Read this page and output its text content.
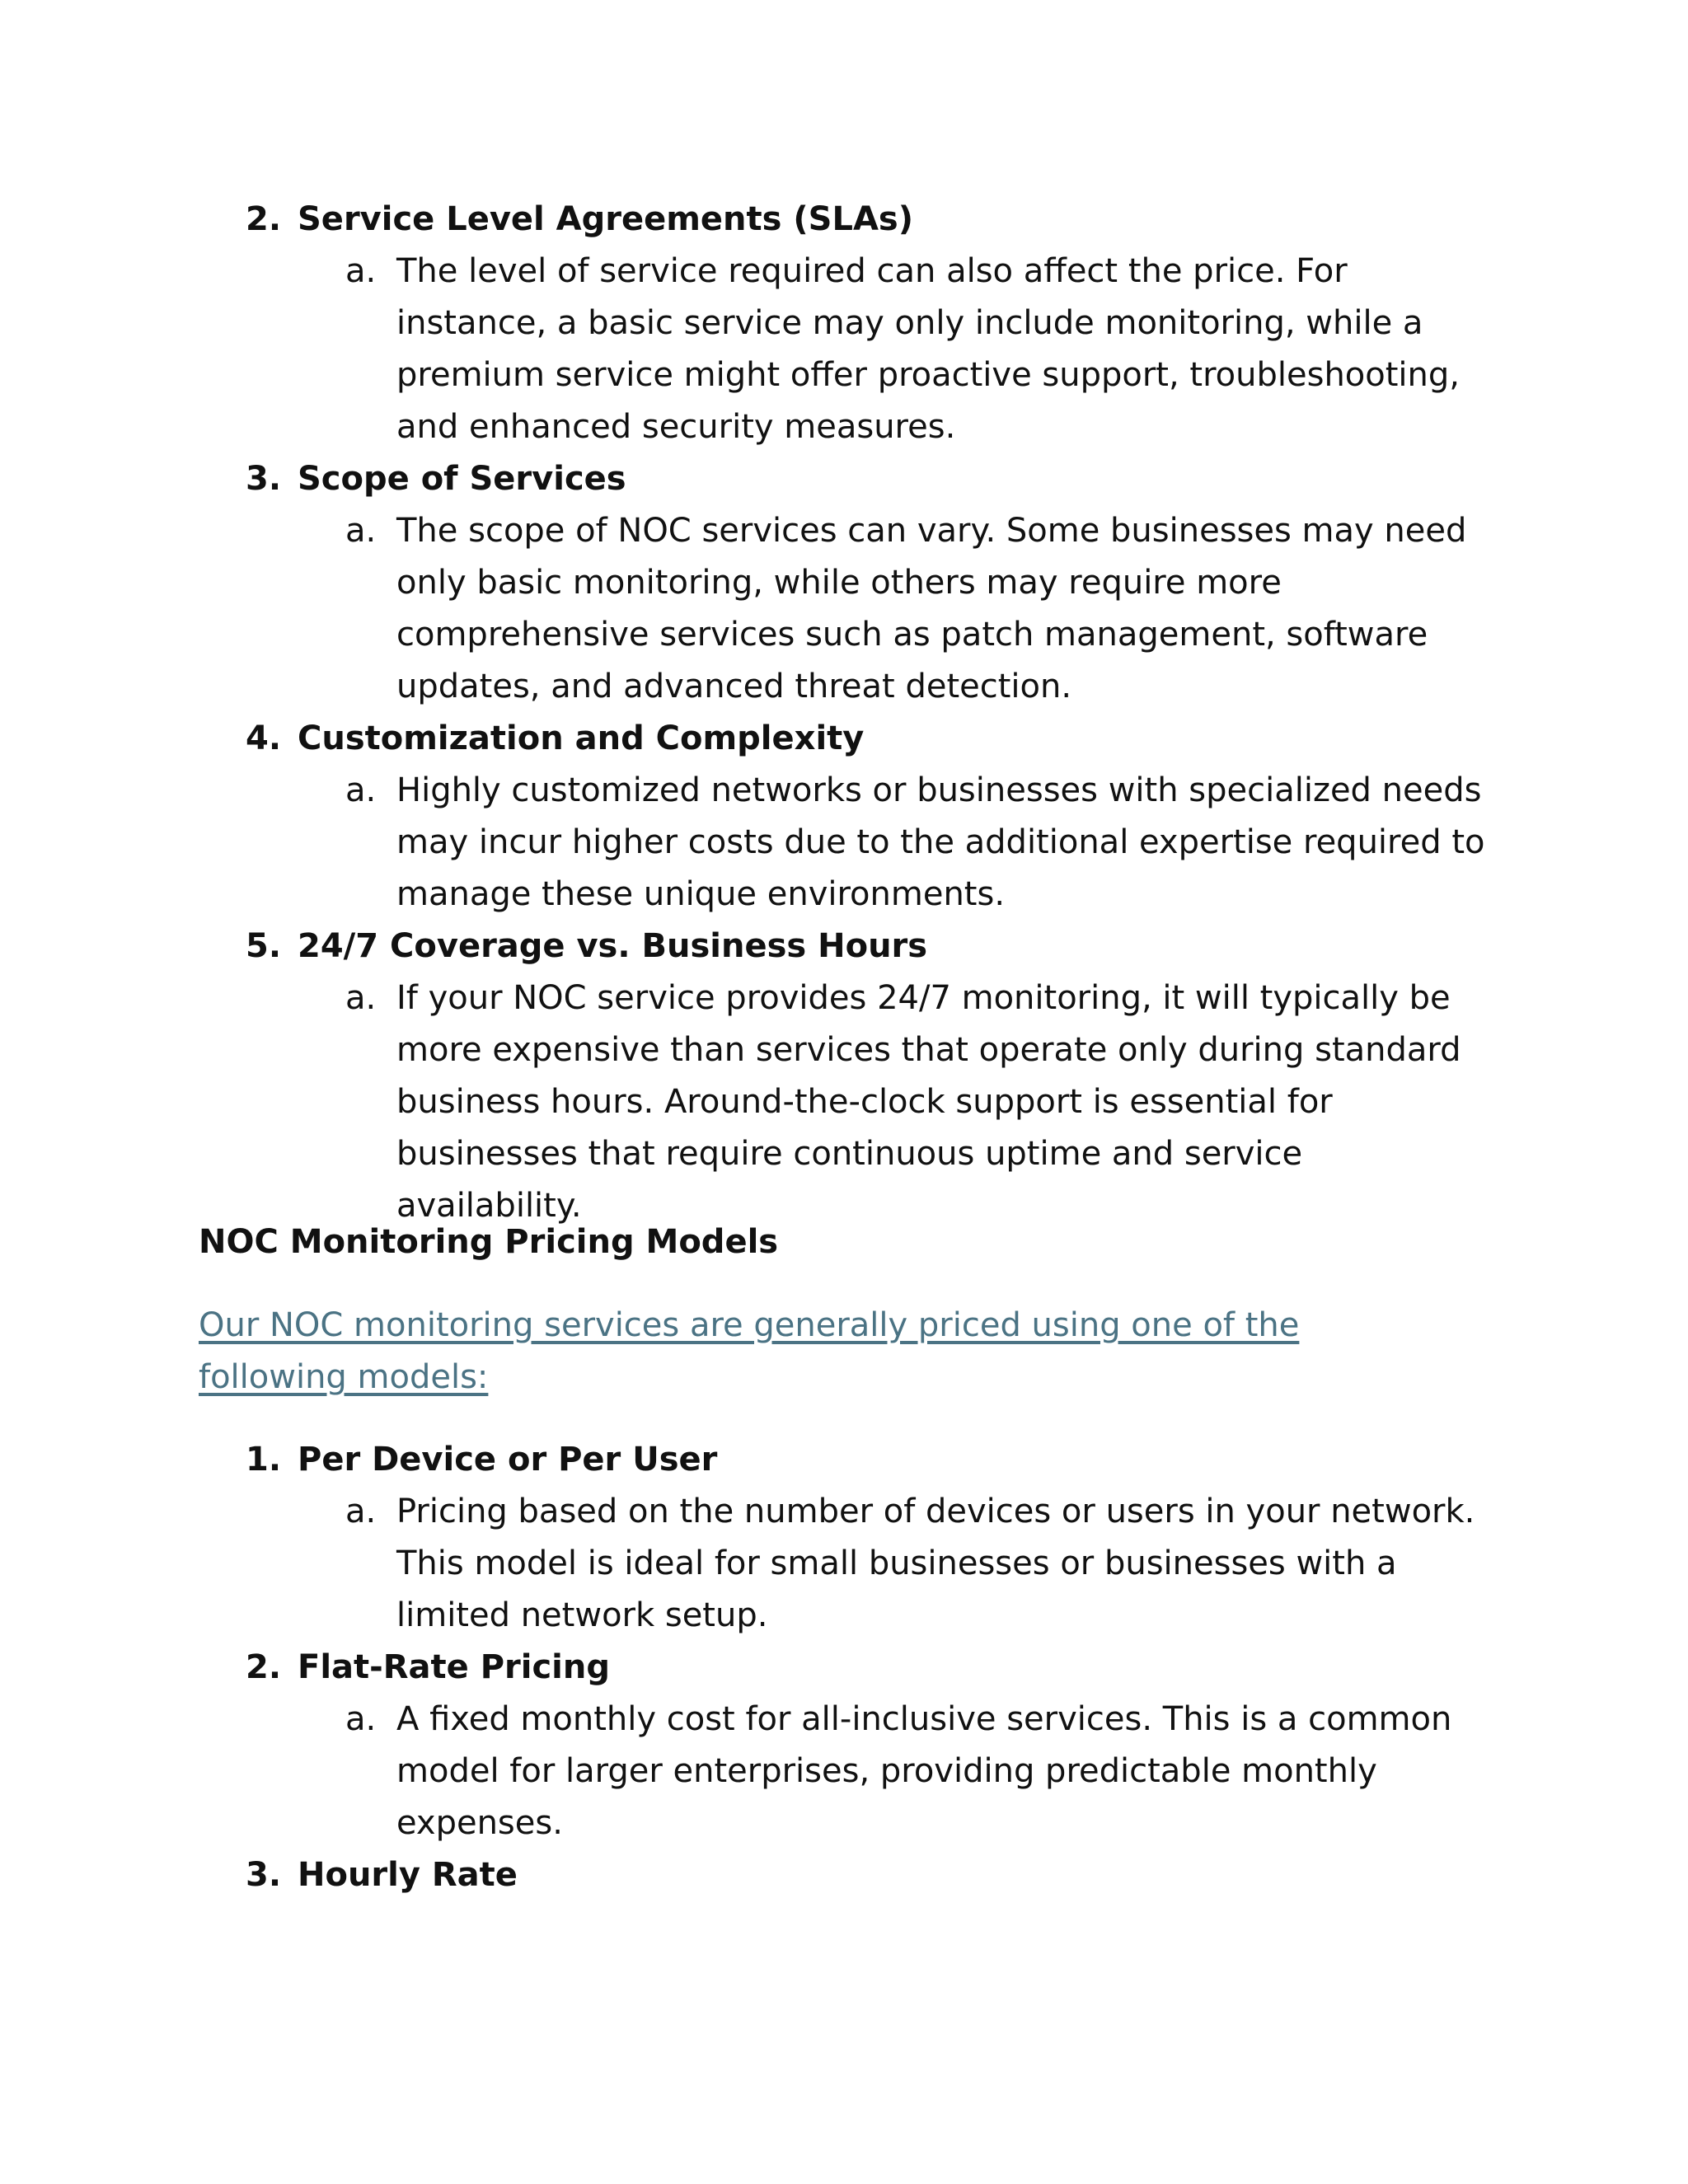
2. Service Level Agreements (SLAs)
a. The level of service required can also affect the price. For instance, a basic service may only include monitoring, while a premium service might offer proactive support, troubleshooting, and enhanced security measures.
3. Scope of Services
a. The scope of NOC services can vary. Some businesses may need only basic monitoring, while others may require more comprehensive services such as patch management, software updates, and advanced threat detection.
4. Customization and Complexity
a. Highly customized networks or businesses with specialized needs may incur higher costs due to the additional expertise required to manage these unique environments.
5. 24/7 Coverage vs. Business Hours
a. If your NOC service provides 24/7 monitoring, it will typically be more expensive than services that operate only during standard business hours. Around-the-clock support is essential for businesses that require continuous uptime and service availability.
NOC Monitoring Pricing Models
Our NOC monitoring services are generally priced using one of the following models:
1. Per Device or Per User
a. Pricing based on the number of devices or users in your network. This model is ideal for small businesses or businesses with a limited network setup.
2. Flat-Rate Pricing
a. A fixed monthly cost for all-inclusive services. This is a common model for larger enterprises, providing predictable monthly expenses.
3. Hourly Rate
